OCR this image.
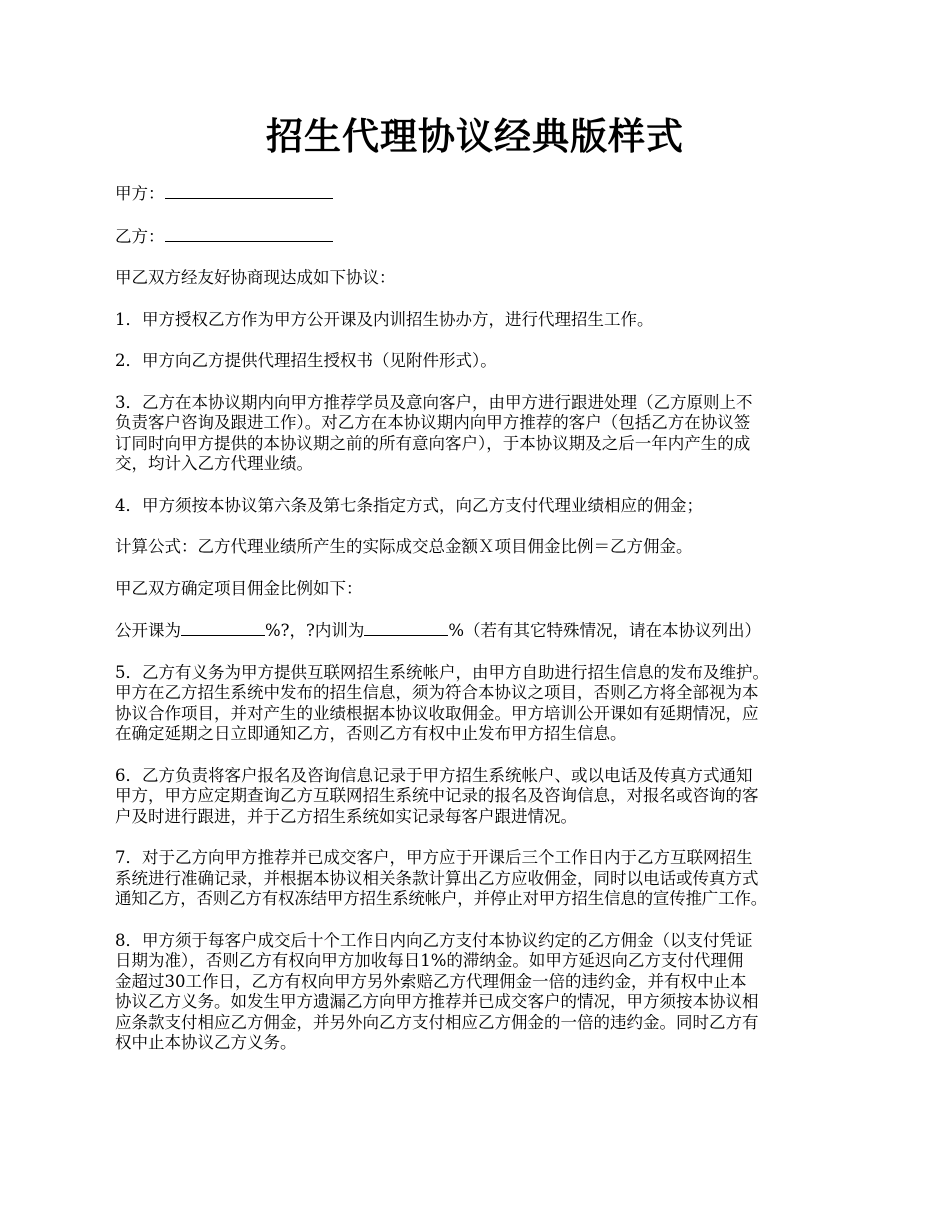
招生代理协议经典版样式

甲方：

乙方：

甲乙双方经友好协商现达成如下协议：

1．甲方授权乙方作为甲方公开课及内训招生协办方，进行代理招生工作。

2．甲方向乙方提供代理招生授权书（见附件形式）。

3．乙方在本协议期内向甲方推荐学员及意向客户，由甲方进行跟进处理（乙方原则上不
负责客户咨询及跟进工作）。对乙方在本协议期内向甲方推荐的客户（包括乙方在协议签
订同时向甲方提供的本协议期之前的所有意向客户），于本协议期及之后一年内产生的成
交，均计入乙方代理业绩。

4．甲方须按本协议第六条及第七条指定方式，向乙方支付代理业绩相应的佣金；

计算公式：乙方代理业绩所产生的实际成交总金额Ｘ项目佣金比例＝乙方佣金。

甲乙双方确定项目佣金比例如下：

公开课为	%?，?内训为	%（若有其它特殊情况，请在本协议列出）

5．乙方有义务为甲方提供互联网招生系统帐户，由甲方自助进行招生信息的发布及维护。
甲方在乙方招生系统中发布的招生信息，须为符合本协议之项目，否则乙方将全部视为本
协议合作项目，并对产生的业绩根据本协议收取佣金。甲方培训公开课如有延期情况，应
在确定延期之日立即通知乙方，否则乙方有权中止发布甲方招生信息。

6．乙方负责将客户报名及咨询信息记录于甲方招生系统帐户、或以电话及传真方式通知
甲方，甲方应定期查询乙方互联网招生系统中记录的报名及咨询信息，对报名或咨询的客
户及时进行跟进，并于乙方招生系统如实记录每客户跟进情况。

7．对于乙方向甲方推荐并已成交客户，甲方应于开课后三个工作日内于乙方互联网招生
系统进行准确记录，并根据本协议相关条款计算出乙方应收佣金，同时以电话或传真方式
通知乙方，否则乙方有权冻结甲方招生系统帐户，并停止对甲方招生信息的宣传推广工作。

8．甲方须于每客户成交后十个工作日内向乙方支付本协议约定的乙方佣金（以支付凭证
日期为准），否则乙方有权向甲方加收每日1%的滞纳金。如甲方延迟向乙方支付代理佣
金超过30工作日，乙方有权向甲方另外索赔乙方代理佣金一倍的违约金，并有权中止本
协议乙方义务。如发生甲方遗漏乙方向甲方推荐并已成交客户的情况，甲方须按本协议相
应条款支付相应乙方佣金，并另外向乙方支付相应乙方佣金的一倍的违约金。同时乙方有
权中止本协议乙方义务。
